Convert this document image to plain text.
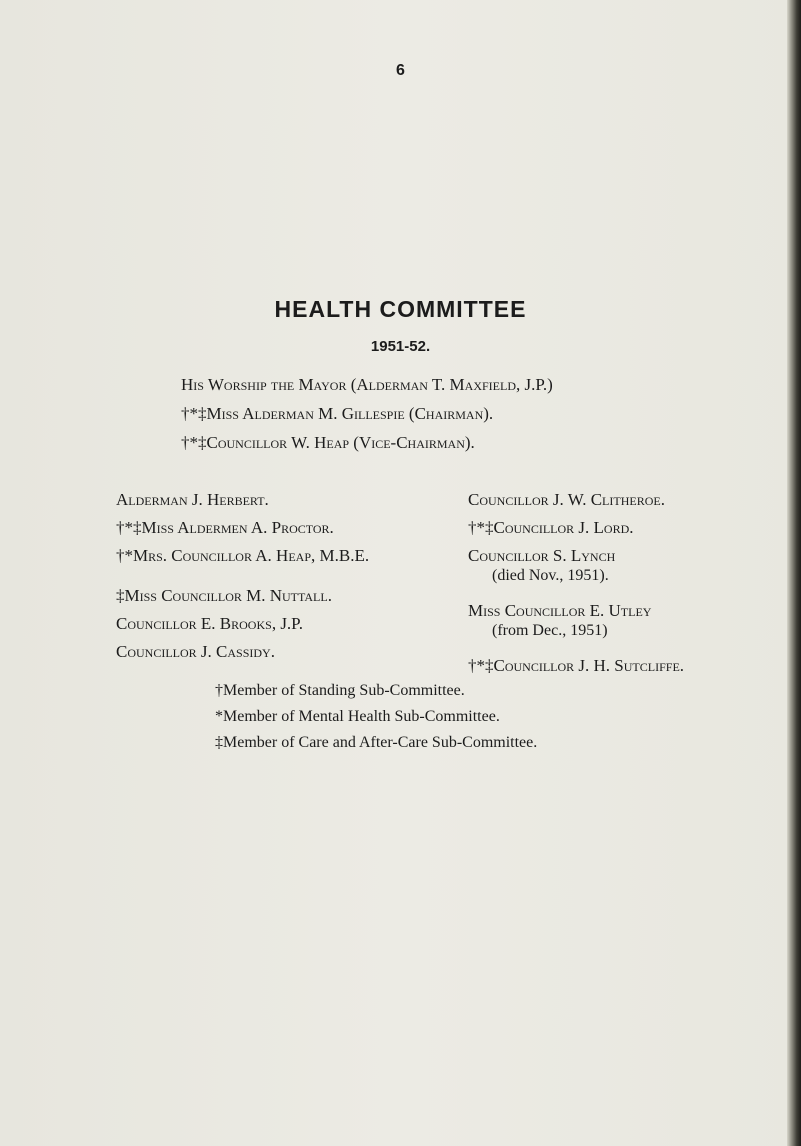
6
HEALTH COMMITTEE
1951-52.
His Worship the Mayor (Alderman T. Maxfield, J.P.)
†*‡Miss Alderman M. Gillespie (Chairman).
†*‡Councillor W. Heap (Vice-Chairman).
Alderman J. Herbert.
†*‡Miss Aldermen A. Proctor.
†*Mrs. Councillor A. Heap, M.B.E.
‡Miss Councillor M. Nuttall.
Councillor E. Brooks, J.P.
Councillor J. Cassidy.
Councillor J. W. Clitheroe.
†*‡Councillor J. Lord.
Councillor S. Lynch
(died Nov., 1951).
Miss Councillor E. Utley
(from Dec., 1951)
†*‡Councillor J. H. Sutcliffe.
†Member of Standing Sub-Committee.
*Member of Mental Health Sub-Committee.
‡Member of Care and After-Care Sub-Committee.
